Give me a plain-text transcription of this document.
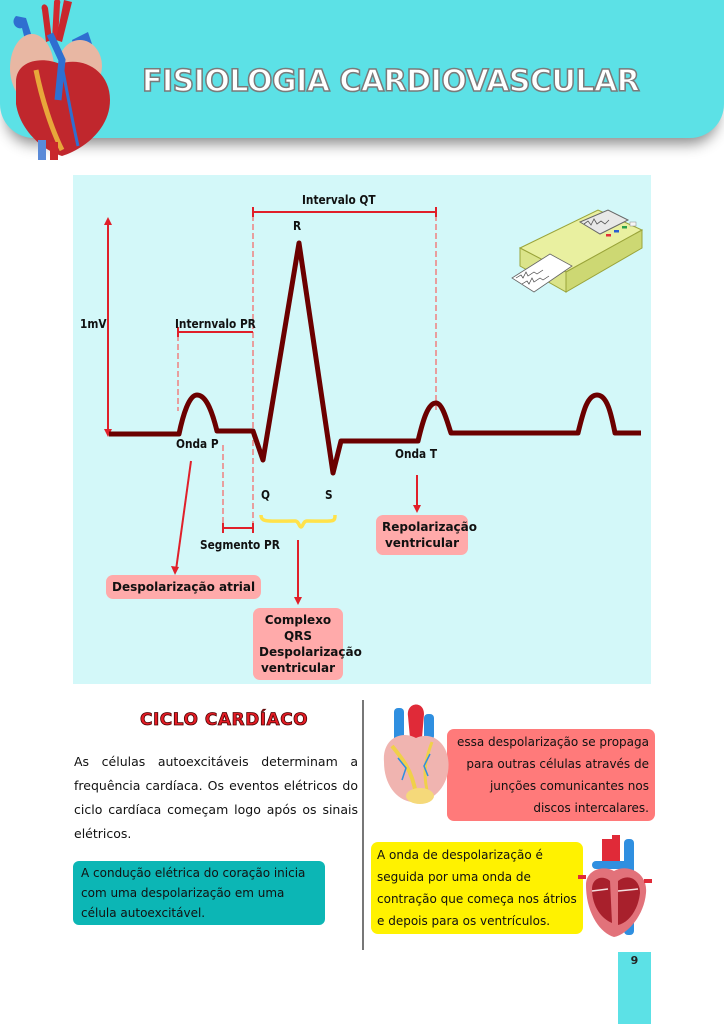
FISIOLOGIA CARDIOVASCULAR
Intervalo QT
R
1mV	Internvalo PR
Onda P
Onda T
Q	S
Segmento PR
Despolarização atrial
Complexo QRS
Despolarização
ventricular
Repolarização
ventricular
CICLO CARDÍACO
As células autoexcitáveis determinam a frequência cardíaca. Os eventos elétricos do ciclo cardíaca começam logo após os sinais elétricos.
A condução elétrica do coração inicia com uma despolarização em uma célula autoexcitável.
essa despolarização se propaga para outras células através de junções comunicantes nos discos intercalares.
A onda de despolarização é seguida por uma onda de contração que começa nos átrios e depois para os ventrículos.
9
